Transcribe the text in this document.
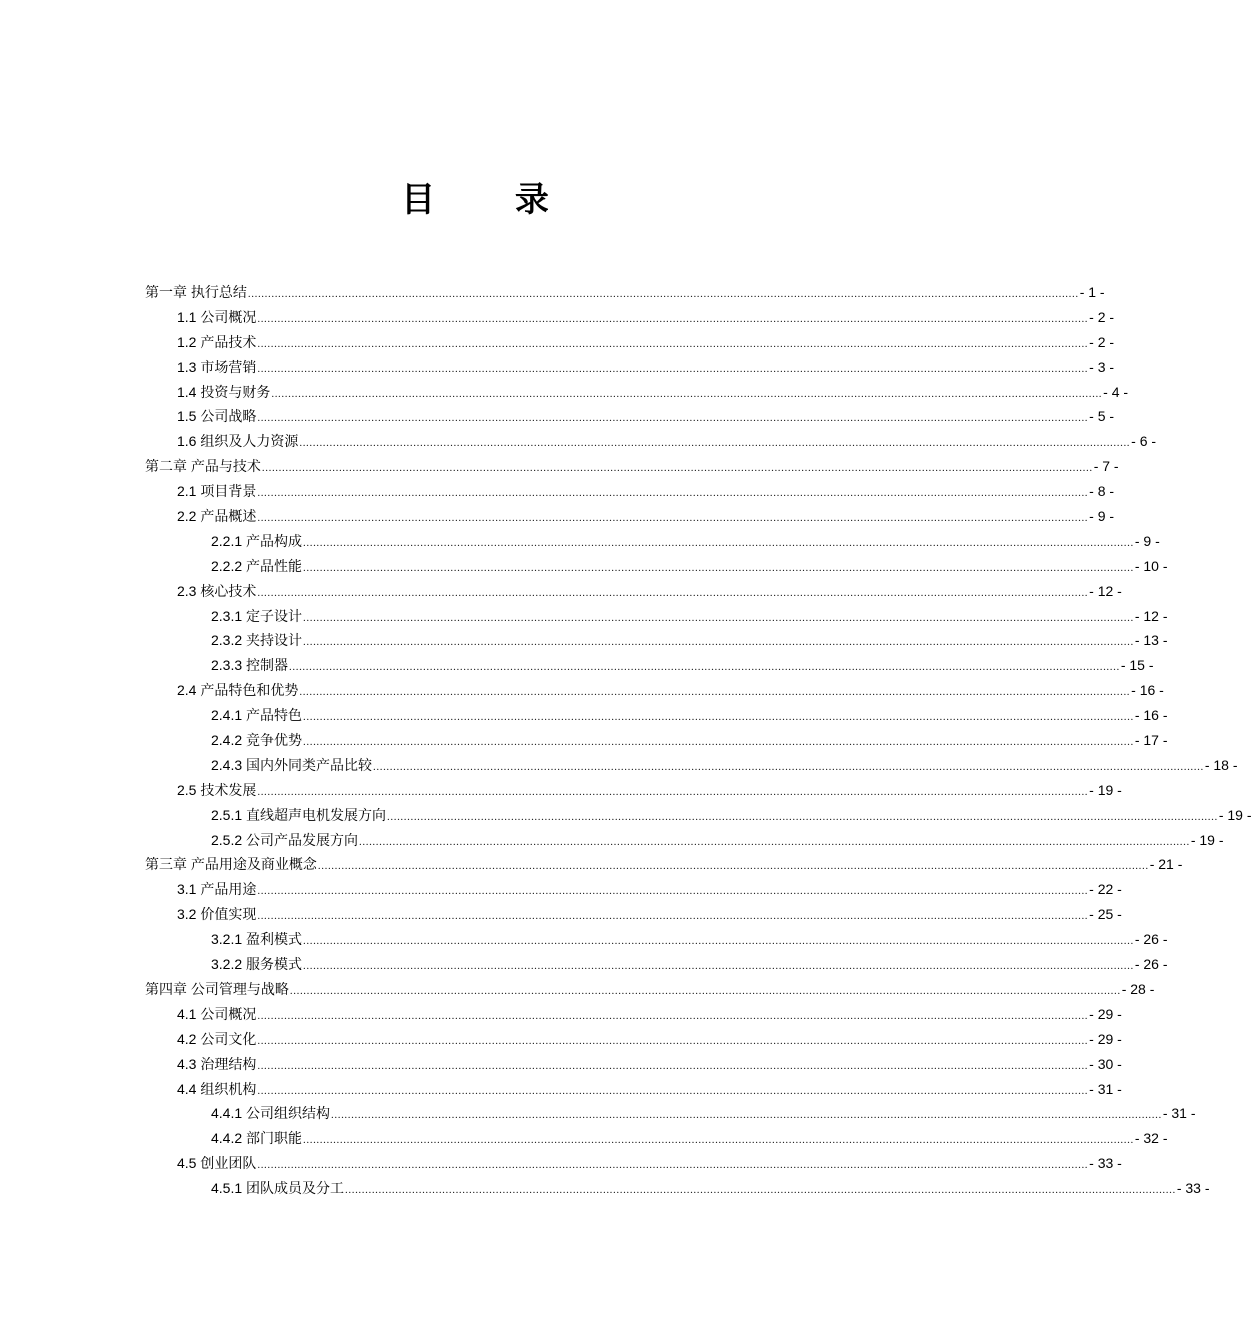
目 录
第一章 执行总结 ........................................................................................................................................................................................................................................................ - 1 -
1.1 公司概况 ........................................................................................................................................................................................................................................................ - 2 -
1.2 产品技术 ........................................................................................................................................................................................................................................................ - 2 -
1.3 市场营销 ........................................................................................................................................................................................................................................................ - 3 -
1.4 投资与财务 ........................................................................................................................................................................................................................................................ - 4 -
1.5 公司战略 ........................................................................................................................................................................................................................................................ - 5 -
1.6 组织及人力资源 ........................................................................................................................................................................................................................................................ - 6 -
第二章 产品与技术 ........................................................................................................................................................................................................................................................ - 7 -
2.1 项目背景 ........................................................................................................................................................................................................................................................ - 8 -
2.2 产品概述 ........................................................................................................................................................................................................................................................ - 9 -
2.2.1 产品构成 ........................................................................................................................................................................................................................................................ - 9 -
2.2.2 产品性能 ........................................................................................................................................................................................................................................................ - 10 -
2.3 核心技术 ........................................................................................................................................................................................................................................................ - 12 -
2.3.1 定子设计 ........................................................................................................................................................................................................................................................ - 12 -
2.3.2 夹持设计 ........................................................................................................................................................................................................................................................ - 13 -
2.3.3 控制器 ........................................................................................................................................................................................................................................................ - 15 -
2.4 产品特色和优势 ........................................................................................................................................................................................................................................................ - 16 -
2.4.1 产品特色 ........................................................................................................................................................................................................................................................ - 16 -
2.4.2 竞争优势 ........................................................................................................................................................................................................................................................ - 17 -
2.4.3 国内外同类产品比较 ........................................................................................................................................................................................................................................................ - 18 -
2.5 技术发展 ........................................................................................................................................................................................................................................................ - 19 -
2.5.1 直线超声电机发展方向 ........................................................................................................................................................................................................................................................ - 19 -
2.5.2 公司产品发展方向 ........................................................................................................................................................................................................................................................ - 19 -
第三章 产品用途及商业概念 ........................................................................................................................................................................................................................................................ - 21 -
3.1 产品用途 ........................................................................................................................................................................................................................................................ - 22 -
3.2 价值实现 ........................................................................................................................................................................................................................................................ - 25 -
3.2.1 盈利模式 ........................................................................................................................................................................................................................................................ - 26 -
3.2.2 服务模式 ........................................................................................................................................................................................................................................................ - 26 -
第四章 公司管理与战略 ........................................................................................................................................................................................................................................................ - 28 -
4.1 公司概况 ........................................................................................................................................................................................................................................................ - 29 -
4.2 公司文化 ........................................................................................................................................................................................................................................................ - 29 -
4.3 治理结构 ........................................................................................................................................................................................................................................................ - 30 -
4.4 组织机构 ........................................................................................................................................................................................................................................................ - 31 -
4.4.1 公司组织结构 ........................................................................................................................................................................................................................................................ - 31 -
4.4.2 部门职能 ........................................................................................................................................................................................................................................................ - 32 -
4.5 创业团队 ........................................................................................................................................................................................................................................................ - 33 -
4.5.1 团队成员及分工 ........................................................................................................................................................................................................................................................ - 33 -
